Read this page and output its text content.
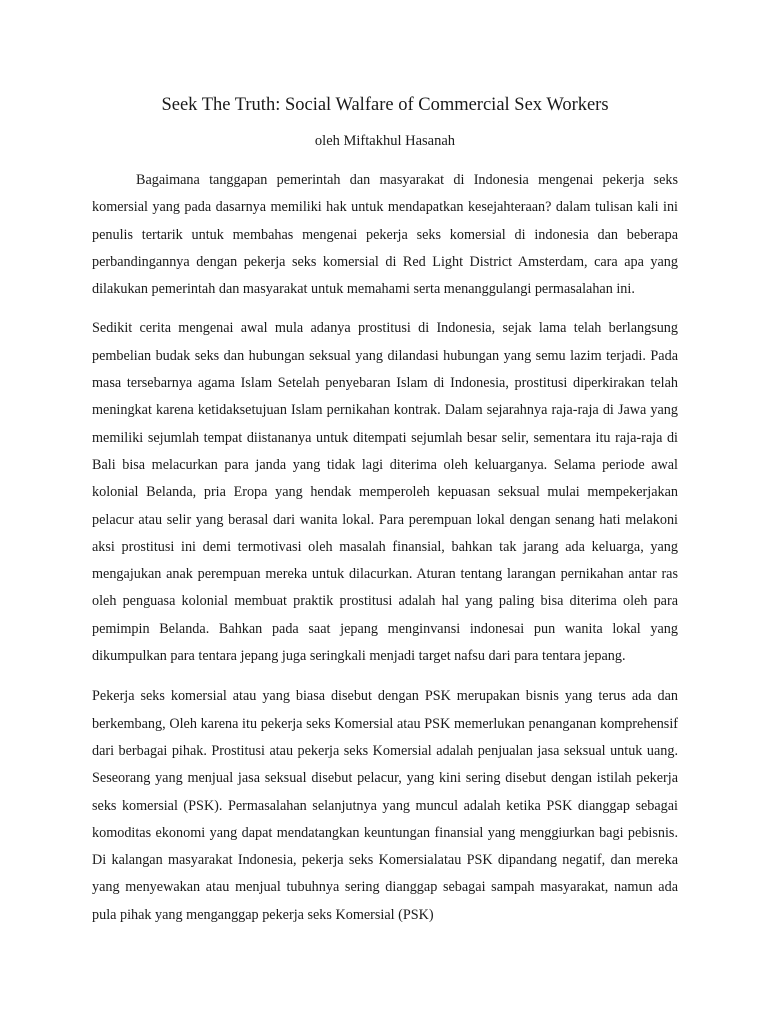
Seek The Truth: Social Walfare of Commercial Sex Workers
oleh Miftakhul Hasanah

Bagaimana tanggapan pemerintah dan masyarakat di Indonesia mengenai pekerja seks komersial yang pada dasarnya memiliki hak untuk mendapatkan kesejahteraan? dalam tulisan kali ini penulis tertarik untuk membahas mengenai pekerja seks komersial di indonesia dan beberapa perbandingannya dengan pekerja seks komersial di Red Light District Amsterdam, cara apa yang dilakukan pemerintah dan masyarakat untuk memahami serta menanggulangi permasalahan ini.

Sedikit cerita mengenai awal mula adanya prostitusi di Indonesia, sejak lama telah berlangsung pembelian budak seks dan hubungan seksual yang dilandasi hubungan yang semu lazim terjadi. Pada masa tersebarnya agama Islam Setelah penyebaran Islam di Indonesia, prostitusi diperkirakan telah meningkat karena ketidaksetujuan Islam pernikahan kontrak. Dalam sejarahnya raja-raja di Jawa yang memiliki sejumlah tempat diistananya untuk ditempati sejumlah besar selir, sementara itu raja-raja di Bali bisa melacurkan para janda yang tidak lagi diterima oleh keluarganya. Selama periode awal kolonial Belanda, pria Eropa yang hendak memperoleh kepuasan seksual mulai mempekerjakan pelacur atau selir yang berasal dari wanita lokal. Para perempuan lokal dengan senang hati melakoni aksi prostitusi ini demi termotivasi oleh masalah finansial, bahkan tak jarang ada keluarga, yang mengajukan anak perempuan mereka untuk dilacurkan. Aturan tentang larangan pernikahan antar ras oleh penguasa kolonial membuat praktik prostitusi adalah hal yang paling bisa diterima oleh para pemimpin Belanda. Bahkan pada saat jepang menginvansi indonesai pun wanita lokal yang dikumpulkan para tentara jepang juga seringkali menjadi target nafsu dari para tentara jepang.

Pekerja seks komersial atau yang biasa disebut dengan PSK merupakan bisnis yang terus ada dan berkembang, Oleh karena itu pekerja seks Komersial atau PSK memerlukan penanganan komprehensif dari berbagai pihak. Prostitusi atau pekerja seks Komersial adalah penjualan jasa seksual untuk uang. Seseorang yang menjual jasa seksual disebut pelacur, yang kini sering disebut dengan istilah pekerja seks komersial (PSK). Permasalahan selanjutnya yang muncul adalah ketika PSK dianggap sebagai komoditas ekonomi yang dapat mendatangkan keuntungan finansial yang menggiurkan bagi pebisnis. Di kalangan masyarakat Indonesia, pekerja seks Komersialatau PSK dipandang negatif, dan mereka yang menyewakan atau menjual tubuhnya sering dianggap sebagai sampah masyarakat, namun ada pula pihak yang menganggap pekerja seks Komersial (PSK)
